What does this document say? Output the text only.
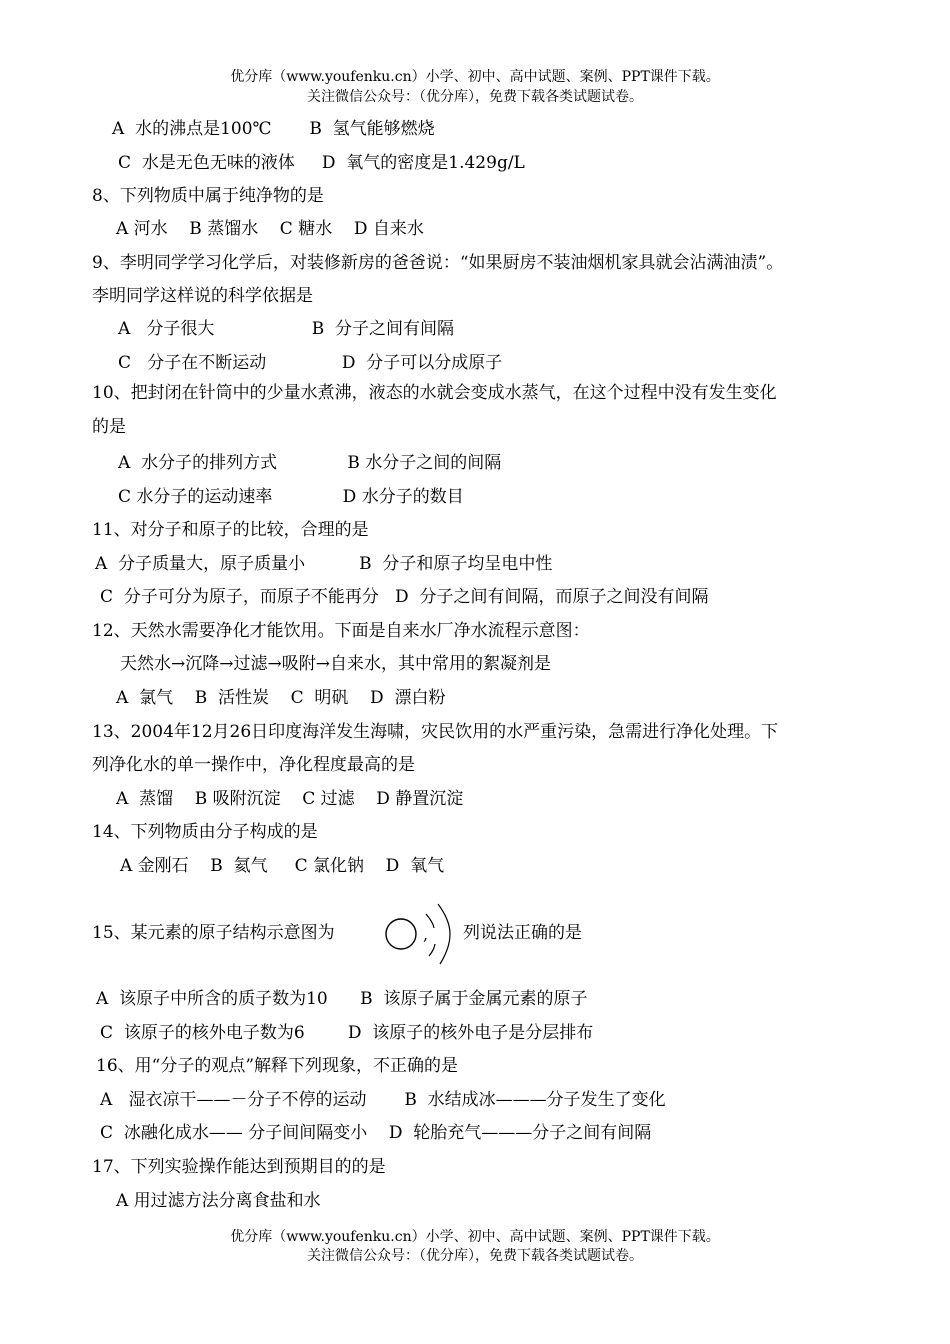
优分库（www.youfenku.cn）小学、初中、高中试题、案例、PPT课件下载。
关注微信公众号：（优分库），免费下载各类试题试卷。
A  水的沸点是100℃       B  氢气能够燃烧
C  水是无色无味的液体     D  氧气的密度是1.429g/L
8、下列物质中属于纯净物的是
A 河水    B 蒸馏水    C 糖水    D 自来水
9、李明同学学习化学后，对装修新房的爸爸说：“如果厨房不装油烟机家具就会沾满油渍”。
李明同学这样说的科学依据是
A   分子很大                  B  分子之间有间隔
C   分子在不断运动              D  分子可以分成原子
10、把封闭在针筒中的少量水煮沸，液态的水就会变成水蒸气，在这个过程中没有发生变化
的是
A  水分子的排列方式             B 水分子之间的间隔
C 水分子的运动速率             D 水分子的数目
11、对分子和原子的比较，合理的是
A  分子质量大，原子质量小          B  分子和原子均呈电中性
C  分子可分为原子，而原子不能再分   D  分子之间有间隔，而原子之间没有间隔
12、天然水需要净化才能饮用。下面是自来水厂净水流程示意图：
天然水→沉降→过滤→吸附→自来水，其中常用的絮凝剂是
A  氯气    B  活性炭    C  明矾    D  漂白粉
13、2004年12月26日印度海洋发生海啸，灾民饮用的水严重污染，急需进行净化处理。下
列净化水的单一操作中，净化程度最高的是
A  蒸馏    B 吸附沉淀    C 过滤    D 静置沉淀
14、下列物质由分子构成的是
A 金刚石    B  氦气     C 氯化钠    D  氧气
15、某元素的原子结构示意图为	, 列说法正确的是
A  该原子中所含的质子数为10      B  该原子属于金属元素的原子
C  该原子的核外电子数为6        D  该原子的核外电子是分层排布
16、用“分子的观点”解释下列现象，不正确的是
A   湿衣凉干——－分子不停的运动       B  水结成冰———分子发生了变化
C  冰融化成水—— 分子间间隔变小    D  轮胎充气———分子之间有间隔
17、下列实验操作能达到预期目的的是
A 用过滤方法分离食盐和水
优分库（www.youfenku.cn）小学、初中、高中试题、案例、PPT课件下载。
关注微信公众号：（优分库），免费下载各类试题试卷。
